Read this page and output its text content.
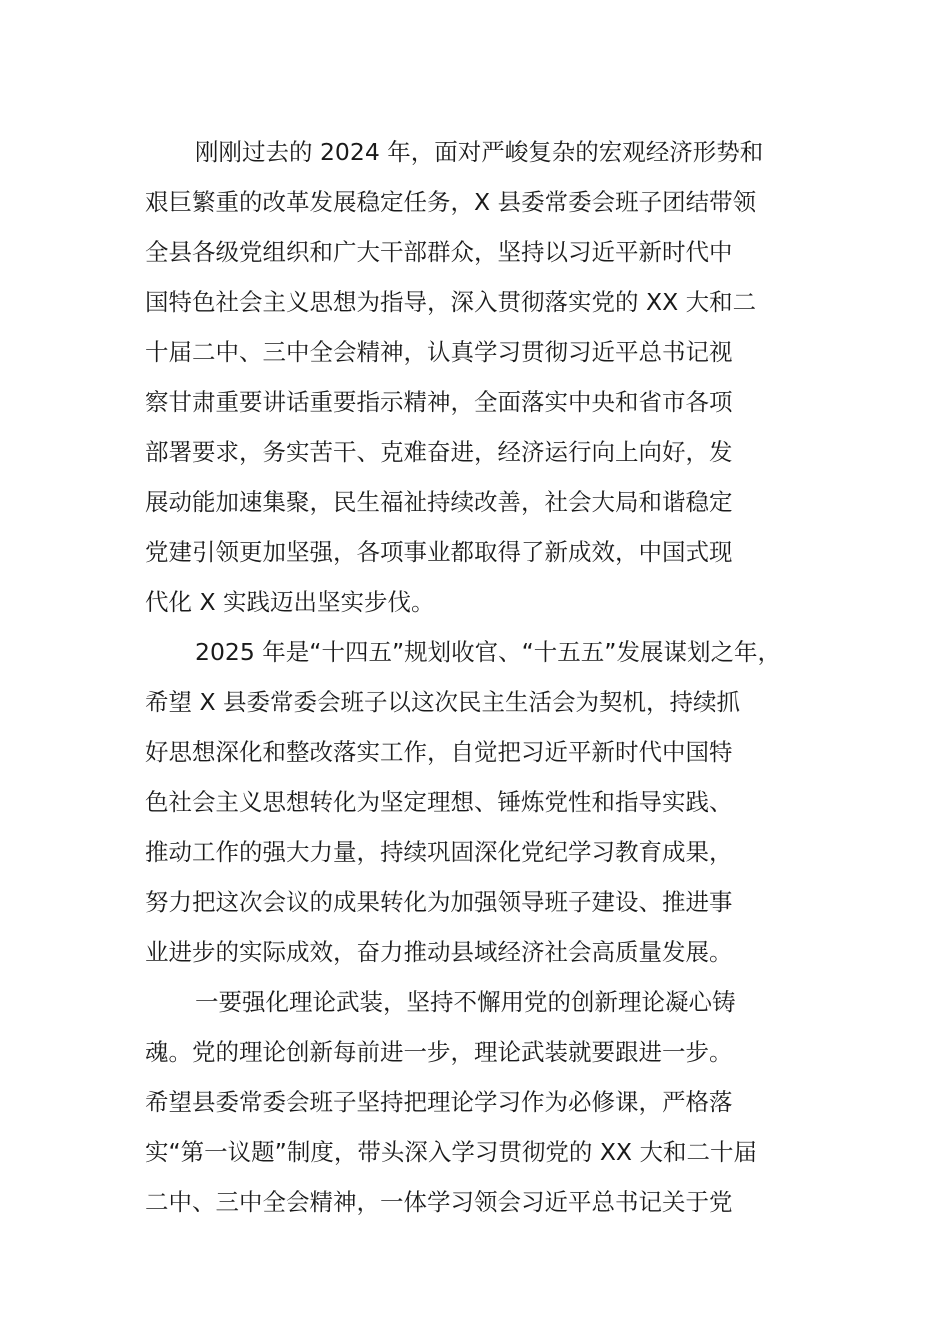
刚刚过去的 2024 年，面对严峻复杂的宏观经济形势和
艰巨繁重的改革发展稳定任务，X 县委常委会班子团结带领
全县各级党组织和广大干部群众，坚持以习近平新时代中
国特色社会主义思想为指导，深入贯彻落实党的 XX 大和二
十届二中、三中全会精神，认真学习贯彻习近平总书记视
察甘肃重要讲话重要指示精神，全面落实中央和省市各项
部署要求，务实苦干、克难奋进，经济运行向上向好，发
展动能加速集聚，民生福祉持续改善，社会大局和谐稳定
党建引领更加坚强，各项事业都取得了新成效，中国式现
代化 X 实践迈出坚实步伐。
2025 年是“十四五”规划收官、“十五五”发展谋划之年，
希望 X 县委常委会班子以这次民主生活会为契机，持续抓
好思想深化和整改落实工作，自觉把习近平新时代中国特
色社会主义思想转化为坚定理想、锤炼党性和指导实践、
推动工作的强大力量，持续巩固深化党纪学习教育成果，
努力把这次会议的成果转化为加强领导班子建设、推进事
业进步的实际成效，奋力推动县域经济社会高质量发展。
一要强化理论武装，坚持不懈用党的创新理论凝心铸
魂。党的理论创新每前进一步，理论武装就要跟进一步。
希望县委常委会班子坚持把理论学习作为必修课，严格落
实“第一议题”制度，带头深入学习贯彻党的 XX 大和二十届
二中、三中全会精神，一体学习领会习近平总书记关于党
